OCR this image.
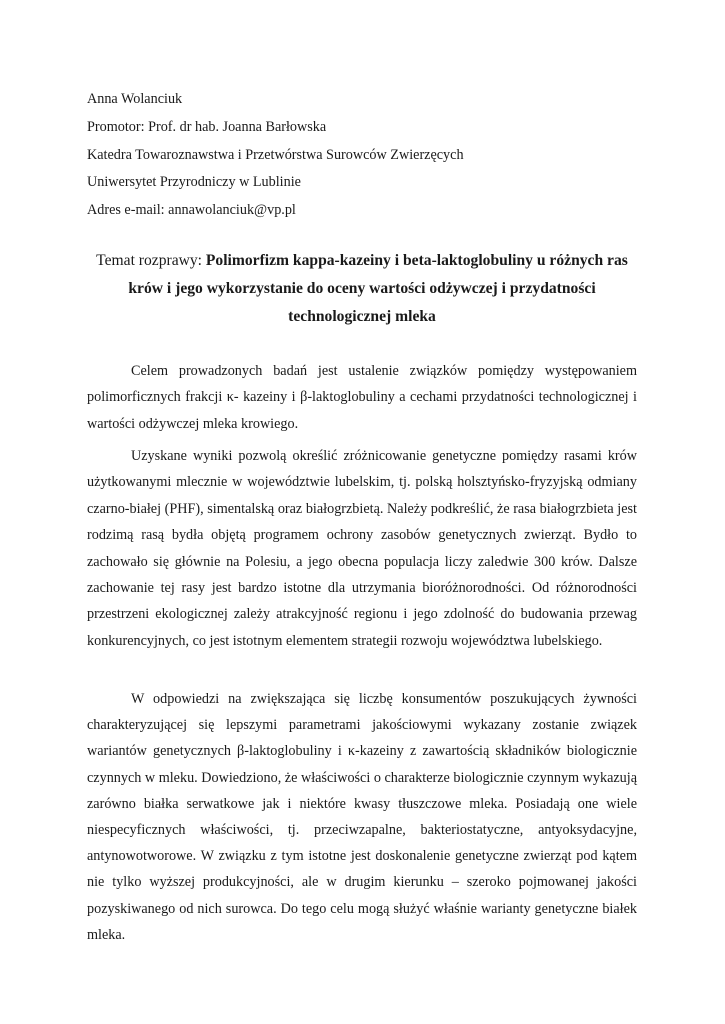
Anna Wolanciuk
Promotor: Prof. dr hab. Joanna Barłowska
Katedra Towaroznawstwa i Przetwórstwa Surowców Zwierzęcych
Uniwersytet Przyrodniczy w Lublinie
Adres e-mail: annawolanciuk@vp.pl
Temat rozprawy: Polimorfizm kappa-kazeiny i beta-laktoglobuliny u różnych ras krów i jego wykorzystanie do oceny wartości odżywczej i przydatności technologicznej mleka

Celem prowadzonych badań jest ustalenie związków pomiędzy występowaniem polimorficznych frakcji κ- kazeiny i β-laktoglobuliny a cechami przydatności technologicznej i wartości odżywczej mleka krowiego.

Uzyskane wyniki pozwolą określić zróżnicowanie genetyczne pomiędzy rasami krów użytkowanymi mlecznie w województwie lubelskim, tj. polską holsztyńsko-fryzyjską odmiany czarno-białej (PHF), simentalską oraz białogrzbietą. Należy podkreślić, że rasa białogrzbieta jest rodzimą rasą bydła objętą programem ochrony zasobów genetycznych zwierząt. Bydło to zachowało się głównie na Polesiu, a jego obecna populacja liczy zaledwie 300 krów. Dalsze zachowanie tej rasy jest bardzo istotne dla utrzymania bioróżnorodności. Od różnorodności przestrzeni ekologicznej zależy atrakcyjność regionu i jego zdolność do budowania przewag konkurencyjnych, co jest istotnym elementem strategii rozwoju województwa lubelskiego.

W odpowiedzi na zwiększająca się liczbę konsumentów poszukujących żywności charakteryzującej się lepszymi parametrami jakościowymi wykazany zostanie związek wariantów genetycznych β-laktoglobuliny i κ-kazeiny z zawartością składników biologicznie czynnych w mleku. Dowiedziono, że właściwości o charakterze biologicznie czynnym wykazują zarówno białka serwatkowe jak i niektóre kwasy tłuszczowe mleka. Posiadają one wiele niespecyficznych właściwości, tj. przeciwzapalne, bakteriostatyczne, antyoksydacyjne, antynowotworowe. W związku z tym istotne jest doskonalenie genetyczne zwierząt pod kątem nie tylko wyższej produkcyjności, ale w drugim kierunku – szeroko pojmowanej jakości pozyskiwanego od nich surowca. Do tego celu mogą służyć właśnie warianty genetyczne białek mleka.
